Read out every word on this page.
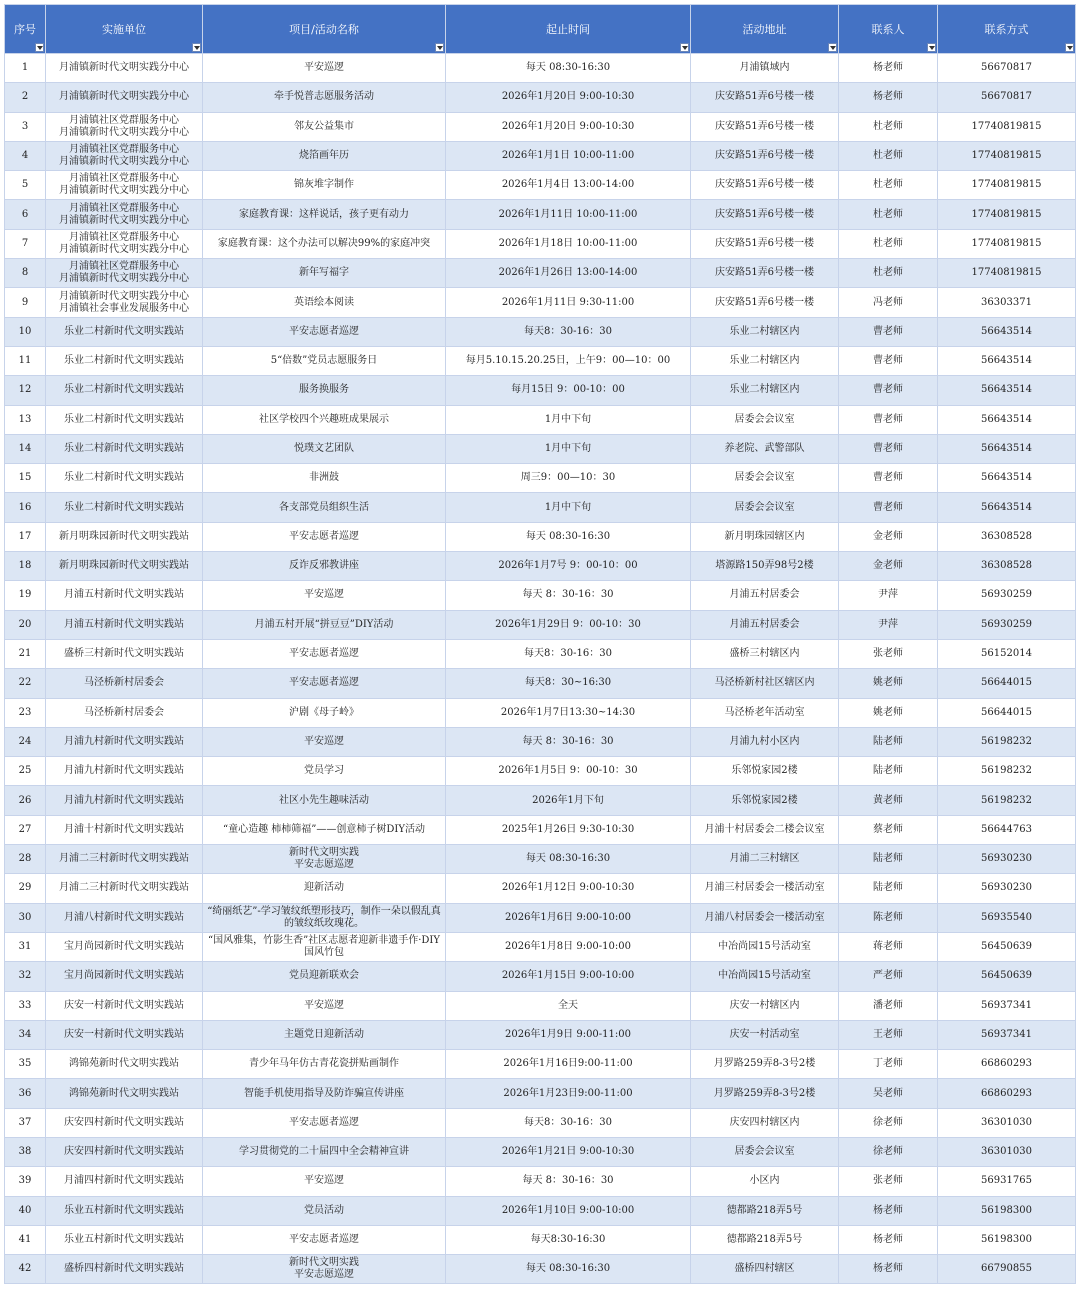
序号	实施单位	项目/活动名称	起止时间	活动地址	联系人	联系方式

1	月浦镇新时代文明实践分中心	平安巡逻	每天 08:30-16:30	月浦镇域内	杨老师	56670817

2	月浦镇新时代文明实践分中心	牵手悦普志愿服务活动	2026年1月20日 9:00-10:30	庆安路51弄6号楼一楼	杨老师	56670817

3	月浦镇社区党群服务中心
月浦镇新时代文明实践分中心	邻友公益集市	2026年1月20日 9:00-10:30	庆安路51弄6号楼一楼	杜老师	17740819815

4	月浦镇社区党群服务中心
月浦镇新时代文明实践分中心	烧箔画年历	2026年1月1日 10:00-11:00	庆安路51弄6号楼一楼	杜老师	17740819815

5	月浦镇社区党群服务中心
月浦镇新时代文明实践分中心	锦灰堆字制作	2026年1月4日 13:00-14:00	庆安路51弄6号楼一楼	杜老师	17740819815

6	月浦镇社区党群服务中心
月浦镇新时代文明实践分中心	家庭教育课：这样说话，孩子更有动力	2026年1月11日 10:00-11:00	庆安路51弄6号楼一楼	杜老师	17740819815

7	月浦镇社区党群服务中心
月浦镇新时代文明实践分中心	家庭教育课：这个办法可以解决99%的家庭冲突	2026年1月18日 10:00-11:00	庆安路51弄6号楼一楼	杜老师	17740819815

8	月浦镇社区党群服务中心
月浦镇新时代文明实践分中心	新年写福字	2026年1月26日 13:00-14:00	庆安路51弄6号楼一楼	杜老师	17740819815

9	月浦镇新时代文明实践分中心
月浦镇社会事业发展服务中心	英语绘本阅读	2026年1月11日 9:30-11:00	庆安路51弄6号楼一楼	冯老师	36303371

10	乐业二村新时代文明实践站	平安志愿者巡逻	每天8：30-16：30	乐业二村辖区内	曹老师	56643514

11	乐业二村新时代文明实践站	5“倍数”党员志愿服务日	每月5.10.15.20.25日，上午9：00—10：00	乐业二村辖区内	曹老师	56643514

12	乐业二村新时代文明实践站	服务换服务	每月15日 9：00-10：00	乐业二村辖区内	曹老师	56643514

13	乐业二村新时代文明实践站	社区学校四个兴趣班成果展示	1月中下旬	居委会会议室	曹老师	56643514

14	乐业二村新时代文明实践站	悦璞文艺团队	1月中下旬	养老院、武警部队	曹老师	56643514

15	乐业二村新时代文明实践站	非洲鼓	周三9：00—10：30	居委会会议室	曹老师	56643514

16	乐业二村新时代文明实践站	各支部党员组织生活	1月中下旬	居委会会议室	曹老师	56643514

17	新月明珠园新时代文明实践站	平安志愿者巡逻	每天 08:30-16:30	新月明珠园辖区内	金老师	36308528

18	新月明珠园新时代文明实践站	反诈反邪教讲座	2026年1月7号 9：00-10：00	塔源路150弄98号2楼	金老师	36308528

19	月浦五村新时代文明实践站	平安巡逻	每天 8：30-16：30	月浦五村居委会	尹萍	56930259

20	月浦五村新时代文明实践站	月浦五村开展“拼豆豆”DIY活动	2026年1月29日 9：00-10：30	月浦五村居委会	尹萍	56930259

21	盛桥三村新时代文明实践站	平安志愿者巡逻	每天8：30-16：30	盛桥三村辖区内	张老师	56152014

22	马泾桥新村居委会	平安志愿者巡逻	每天8：30~16:30	马泾桥新村社区辖区内	姚老师	56644015

23	马泾桥新村居委会	沪剧《母子岭》	2026年1月7日13:30~14:30	马泾桥老年活动室	姚老师	56644015

24	月浦九村新时代文明实践站	平安巡逻	每天 8：30-16：30	月浦九村小区内	陆老师	56198232

25	月浦九村新时代文明实践站	党员学习	2026年1月5日 9：00-10：30	乐邻悦家园2楼	陆老师	56198232

26	月浦九村新时代文明实践站	社区小先生趣味活动	2026年1月下旬	乐邻悦家园2楼	黄老师	56198232

27	月浦十村新时代文明实践站	“童心造趣 柿柿筛福”——创意柿子树DIY活动	2025年1月26日 9:30-10:30	月浦十村居委会二楼会议室	蔡老师	56644763

28	月浦二三村新时代文明实践站	新时代文明实践
平安志愿巡逻	每天 08:30-16:30	月浦二三村辖区	陆老师	56930230

29	月浦二三村新时代文明实践站	迎新活动	2026年1月12日 9:00-10:30	月浦三村居委会一楼活动室	陆老师	56930230

30	月浦八村新时代文明实践站	“绮丽纸艺”-学习皱纹纸塑形技巧，制作一朵以假乱真的皱纹纸玫瑰花。	2026年1月6日 9:00-10:00	月浦八村居委会一楼活动室	陈老师	56935540

31	宝月尚园新时代文明实践站	“国风雅集，竹影生香”社区志愿者迎新非遗手作·DIY国风竹包	2026年1月8日 9:00-10:00	中冶尚园15号活动室	蒋老师	56450639

32	宝月尚园新时代文明实践站	党员迎新联欢会	2026年1月15日 9:00-10:00	中冶尚园15号活动室	严老师	56450639

33	庆安一村新时代文明实践站	平安巡逻	全天	庆安一村辖区内	潘老师	56937341

34	庆安一村新时代文明实践站	主题党日迎新活动	2026年1月9日 9:00-11:00	庆安一村活动室	王老师	56937341

35	鸿锦苑新时代文明实践站	青少年马年仿古青花瓷拼贴画制作	2026年1月16日9:00-11:00	月罗路259弄8-3号2楼	丁老师	66860293

36	鸿锦苑新时代文明实践站	智能手机使用指导及防诈骗宣传讲座	2026年1月23日9:00-11:00	月罗路259弄8-3号2楼	吴老师	66860293

37	庆安四村新时代文明实践站	平安志愿者巡逻	每天8：30-16：30	庆安四村辖区内	徐老师	36301030

38	庆安四村新时代文明实践站	学习贯彻党的二十届四中全会精神宣讲	2026年1月21日 9:00-10:30	居委会会议室	徐老师	36301030

39	月浦四村新时代文明实践站	平安巡逻	每天 8：30-16：30	小区内	张老师	56931765

40	乐业五村新时代文明实践站	党员活动	2026年1月10日 9:00-10:00	德都路218弄5号	杨老师	56198300

41	乐业五村新时代文明实践站	平安志愿者巡逻	每天8:30-16:30	德都路218弄5号	杨老师	56198300

42	盛桥四村新时代文明实践站	新时代文明实践
平安志愿巡逻	每天 08:30-16:30	盛桥四村辖区	杨老师	66790855
